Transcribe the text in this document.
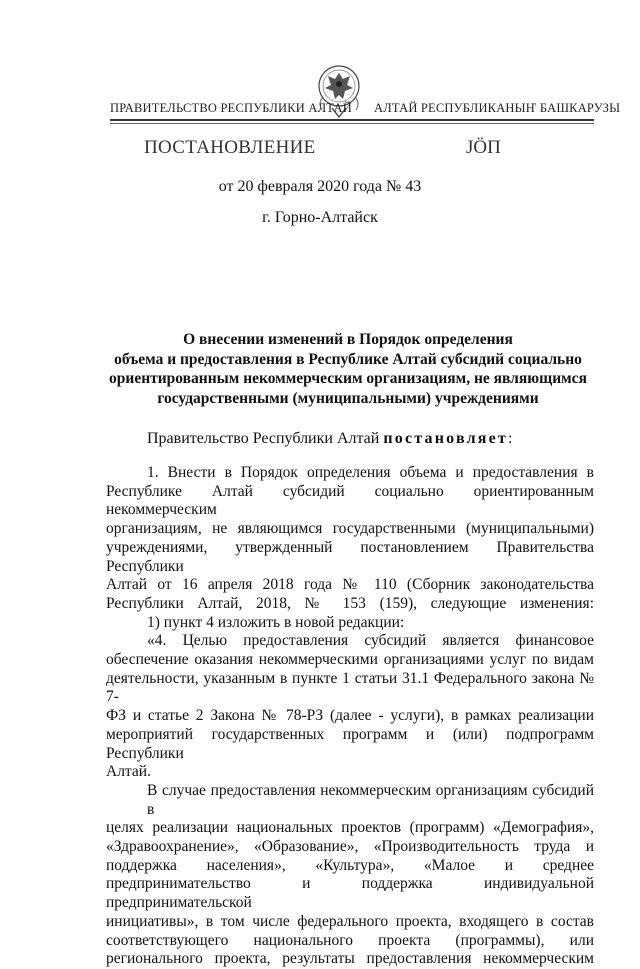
ПРАВИТЕЛЬСТВО РЕСПУБЛИКИ АЛТАЙ АЛТАЙ РЕСПУБЛИКАНЫҤ БАШКАРУЗЫ
ПОСТАНОВЛЕНИЕ	JӦП
от 20 февраля 2020 года № 43
г. Горно-Алтайск
О внесении изменений в Порядок определения
объема и предоставления в Республике Алтай субсидий социально
ориентированным некоммерческим организациям, не являющимся
государственными (муниципальными) учреждениями
Правительство Республики Алтай постановляет:
1. Внести в Порядок определения объема и предоставления в
Республике Алтай субсидий социально ориентированным некоммерческим
организациям, не являющимся государственными (муниципальными)
учреждениями, утвержденный постановлением Правительства Республики
Алтай от 16 апреля 2018 года № 110 (Сборник законодательства
Республики Алтай, 2018, № 153 (159), следующие изменения:
1) пункт 4 изложить в новой редакции:
«4. Целью предоставления субсидий является финансовое
обеспечение оказания некоммерческими организациями услуг по видам
деятельности, указанным в пункте 1 статьи 31.1 Федерального закона № 7-
ФЗ и статье 2 Закона № 78-РЗ (далее - услуги), в рамках реализации
мероприятий государственных программ и (или) подпрограмм Республики
Алтай.
В случае предоставления некоммерческим организациям субсидий в
целях реализации национальных проектов (программ) «Демография»,
«Здравоохранение», «Образование», «Производительность труда и
поддержка населения», «Культура», «Малое и среднее
предпринимательство и поддержка индивидуальной предпринимательской
инициативы», в том числе федерального проекта, входящего в состав
соответствующего национального проекта (программы), или
регионального проекта, результаты предоставления некоммерческим
